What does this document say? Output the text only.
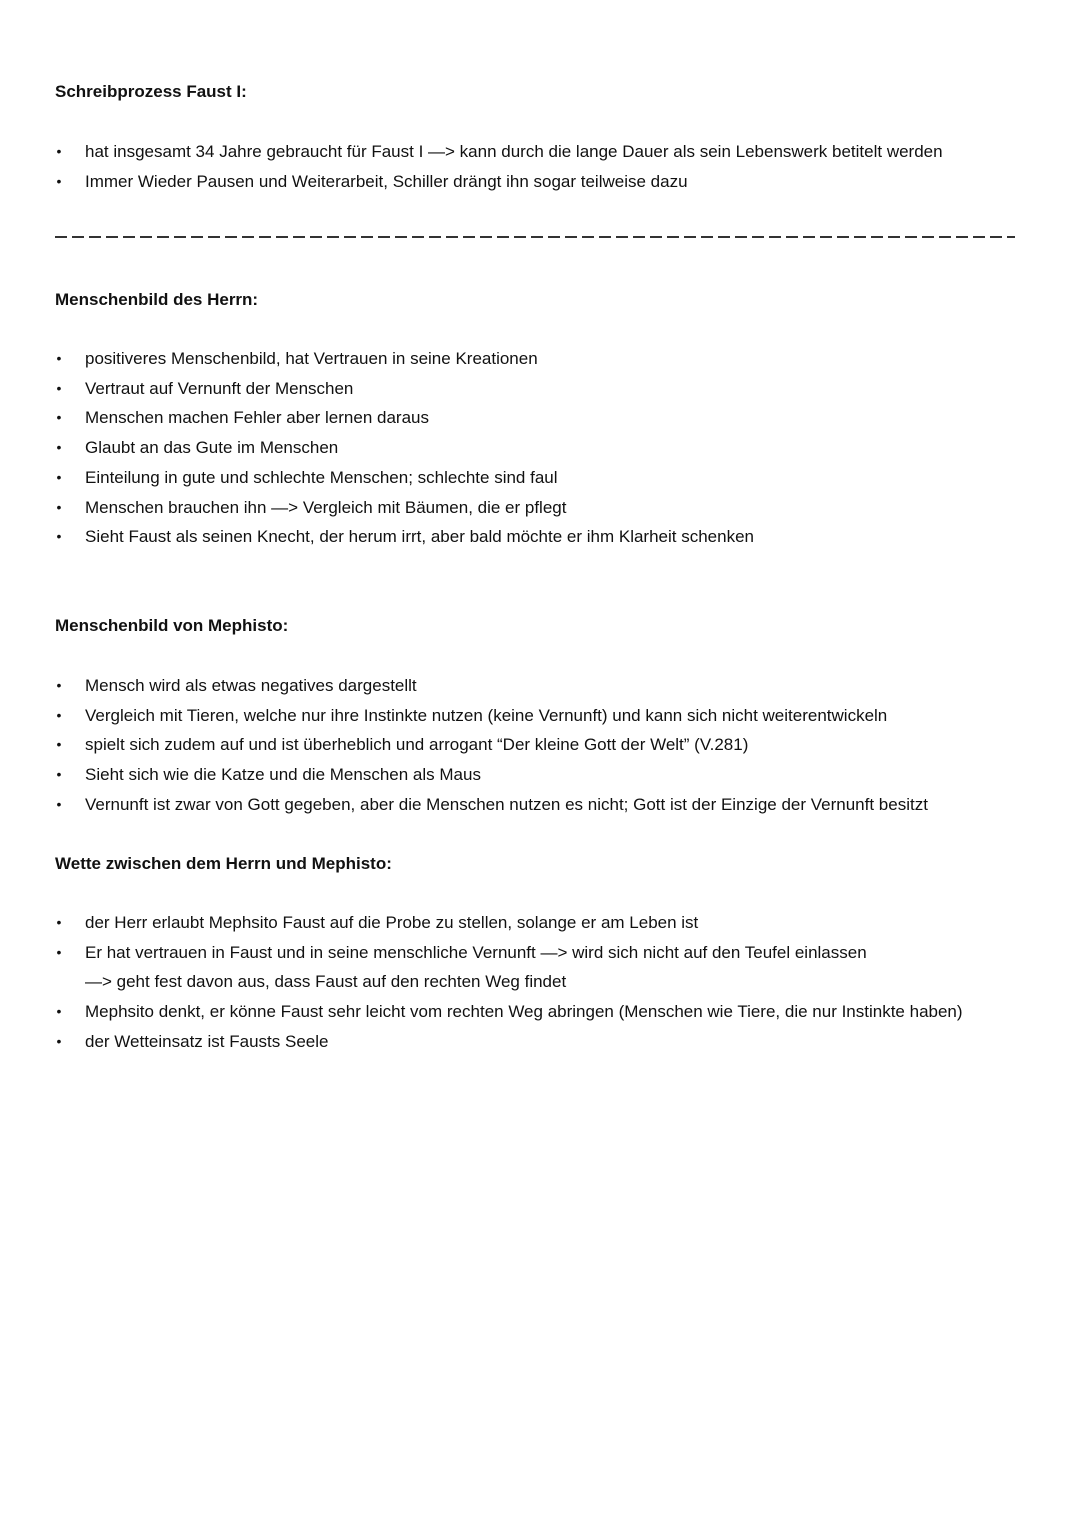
Schreibprozess Faust I:
• hat insgesamt 34 Jahre gebraucht für Faust I —> kann durch die lange Dauer als sein Lebenswerk betitelt werden
• Immer Wieder Pausen und Weiterarbeit, Schiller drängt ihn sogar teilweise dazu
Menschenbild des Herrn:
• positiveres Menschenbild, hat Vertrauen in seine Kreationen
• Vertraut auf Vernunft der Menschen
• Menschen machen Fehler aber lernen daraus
• Glaubt an das Gute im Menschen
• Einteilung in gute und schlechte Menschen; schlechte sind faul
• Menschen brauchen ihn —> Vergleich mit Bäumen, die er pflegt
• Sieht Faust als seinen Knecht, der herum irrt, aber bald möchte er ihm Klarheit schenken
Menschenbild von Mephisto:
• Mensch wird als etwas negatives dargestellt
• Vergleich mit Tieren, welche nur ihre Instinkte nutzen (keine Vernunft) und kann sich nicht weiterentwickeln
• spielt sich zudem auf und ist überheblich und arrogant “Der kleine Gott der Welt” (V.281)
• Sieht sich wie die Katze und die Menschen als Maus
• Vernunft ist zwar von Gott gegeben, aber die Menschen nutzen es nicht; Gott ist der Einzige der Vernunft besitzt
Wette zwischen dem Herrn und Mephisto:
• der Herr erlaubt Mephsito Faust auf die Probe zu stellen, solange er am Leben ist
• Er hat vertrauen in Faust und in seine menschliche Vernunft —> wird sich nicht auf den Teufel einlassen
—> geht fest davon aus, dass Faust auf den rechten Weg findet
• Mephsito denkt, er könne Faust sehr leicht vom rechten Weg abringen (Menschen wie Tiere, die nur Instinkte haben)
• der Wetteinsatz ist Fausts Seele
